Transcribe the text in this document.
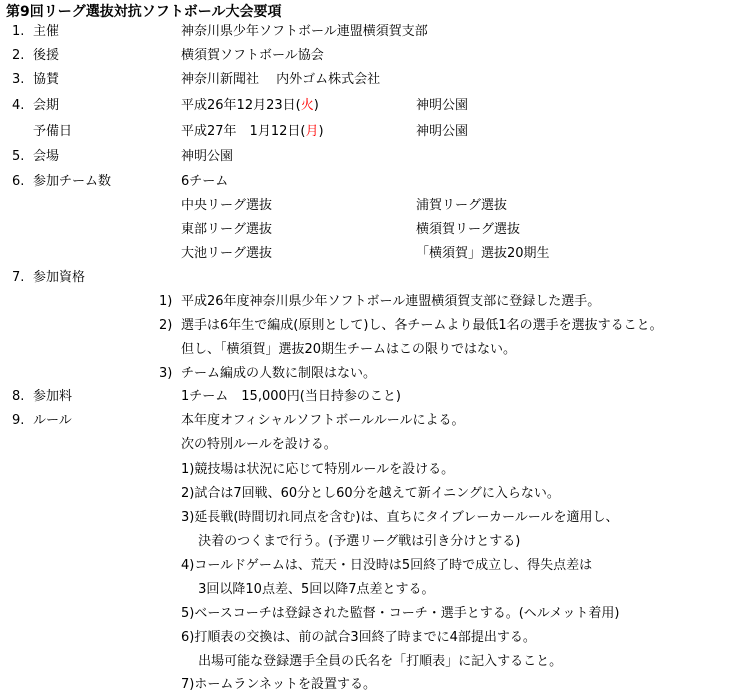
第9回リーグ選抜対抗ソフトボール大会要項
1. 主催	神奈川県少年ソフトボール連盟横須賀支部
2. 後援	横須賀ソフトボール協会
3. 協賛	神奈川新聞社　 内外ゴム株式会社
4. 会期	平成26年12月23日(火)	神明公園
予備日	平成27年　1月12日(月)	神明公園
5. 会場	神明公園
6. 参加チーム数	6チーム
中央リーグ選抜	浦賀リーグ選抜
東部リーグ選抜	横須賀リーグ選抜
大池リーグ選抜	「横須賀」選抜20期生
7. 参加資格
1) 平成26年度神奈川県少年ソフトボール連盟横須賀支部に登録した選手。
2) 選手は6年生で編成(原則として)し、各チームより最低1名の選手を選抜すること。
但し、「横須賀」選抜20期生チームはこの限りではない。
3) チーム編成の人数に制限はない。
8. 参加料	1チーム　15,000円(当日持参のこと)
9. ルール	本年度オフィシャルソフトボールルールによる。
次の特別ルールを設ける。
1)競技場は状況に応じて特別ルールを設ける。
2)試合は7回戦、60分とし60分を越えて新イニングに入らない。
3)延長戦(時間切れ同点を含む)は、直ちにタイブレーカールールを適用し、
　 決着のつくまで行う。(予選リーグ戦は引き分けとする)
4)コールドゲームは、荒天・日没時は5回終了時で成立し、得失点差は
　 3回以降10点差、5回以降7点差とする。
5)ベースコーチは登録された監督・コーチ・選手とする。(ヘルメット着用)
6)打順表の交換は、前の試合3回終了時までに4部提出する。
　 出場可能な登録選手全員の氏名を「打順表」に記入すること。
7)ホームランネットを設置する。
